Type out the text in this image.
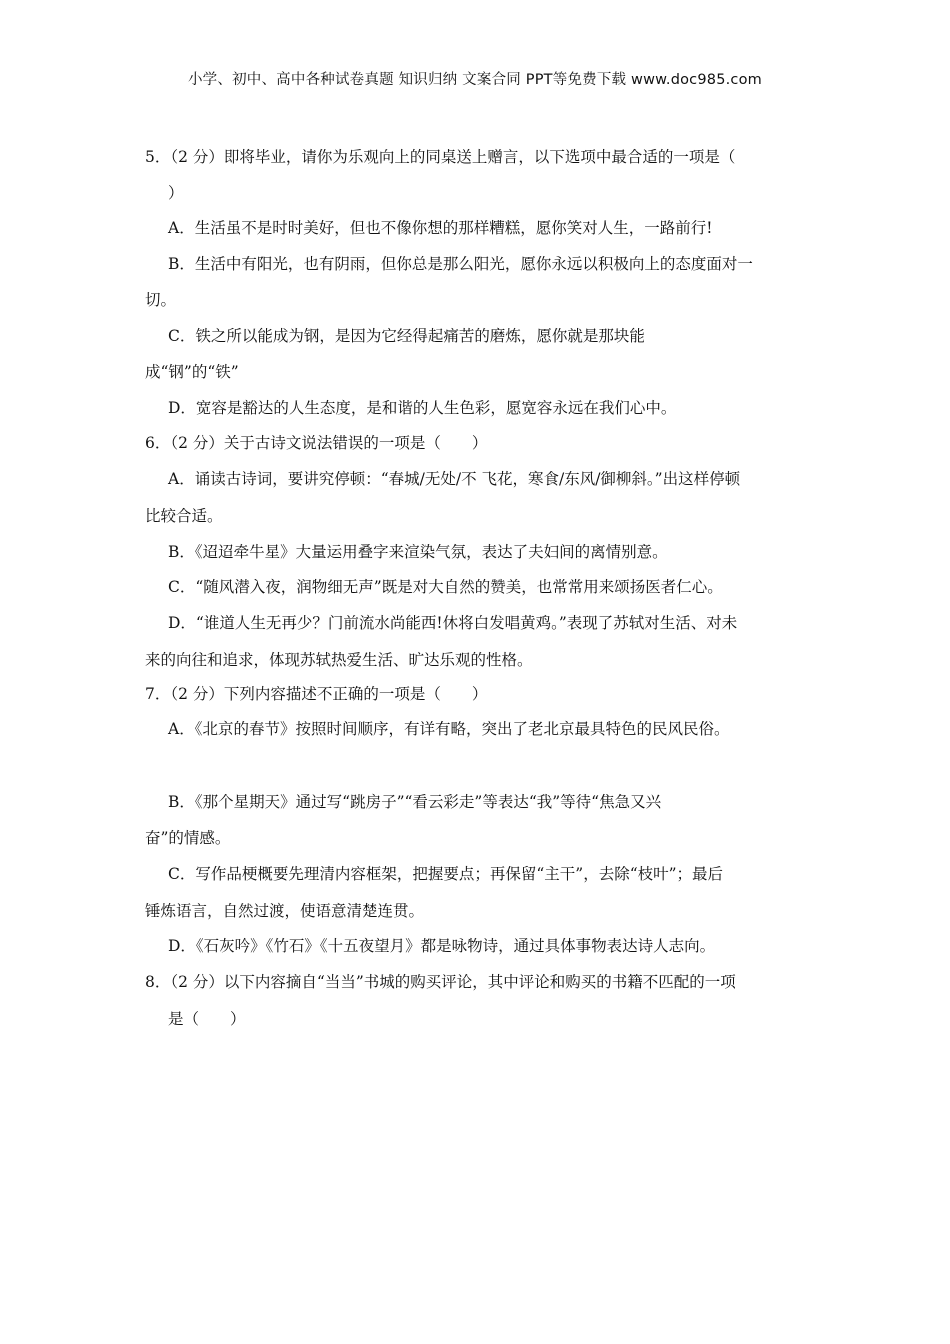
小学、初中、高中各种试卷真题 知识归纳 文案合同 PPT等免费下载 www.doc985.com
5．（2 分）即将毕业，请你为乐观向上的同桌送上赠言，以下选项中最合适的一项是（
）
A．生活虽不是时时美好，但也不像你想的那样糟糕，愿你笑对人生，一路前行!
B．生活中有阳光，也有阴雨，但你总是那么阳光，愿你永远以积极向上的态度面对一
切。
C．铁之所以能成为钢，是因为它经得起痛苦的磨炼，愿你就是那块能
成“钢”的“铁”
D．宽容是豁达的人生态度，是和谐的人生色彩，愿宽容永远在我们心中。
6．（2 分）关于古诗文说法错误的一项是（　　）
A．诵读古诗词，要讲究停顿：“春城/无处/不 飞花，寒食/东风/御柳斜。”出这样停顿
比较合适。
B．《迢迢牵牛星》大量运用叠字来渲染气氛，表达了夫妇间的离情别意。
C．“随风潜入夜，润物细无声”既是对大自然的赞美，也常常用来颂扬医者仁心。
D．“谁道人生无再少？门前流水尚能西!休将白发唱黄鸡。”表现了苏轼对生活、对未
来的向往和追求，体现苏轼热爱生活、旷达乐观的性格。
7．（2 分）下列内容描述不正确的一项是（　　）
A．《北京的春节》按照时间顺序，有详有略，突出了老北京最具特色的民风民俗。
B．《那个星期天》通过写“跳房子”“看云彩走”等表达“我”等待“焦急又兴
奋”的情感。
C．写作品梗概要先理清内容框架，把握要点；再保留“主干”，去除“枝叶”；最后
锤炼语言，自然过渡，使语意清楚连贯。
D．《石灰吟》《竹石》《十五夜望月》都是咏物诗，通过具体事物表达诗人志向。
8．（2 分）以下内容摘自“当当”书城的购买评论，其中评论和购买的书籍不匹配的一项
是（　　）
